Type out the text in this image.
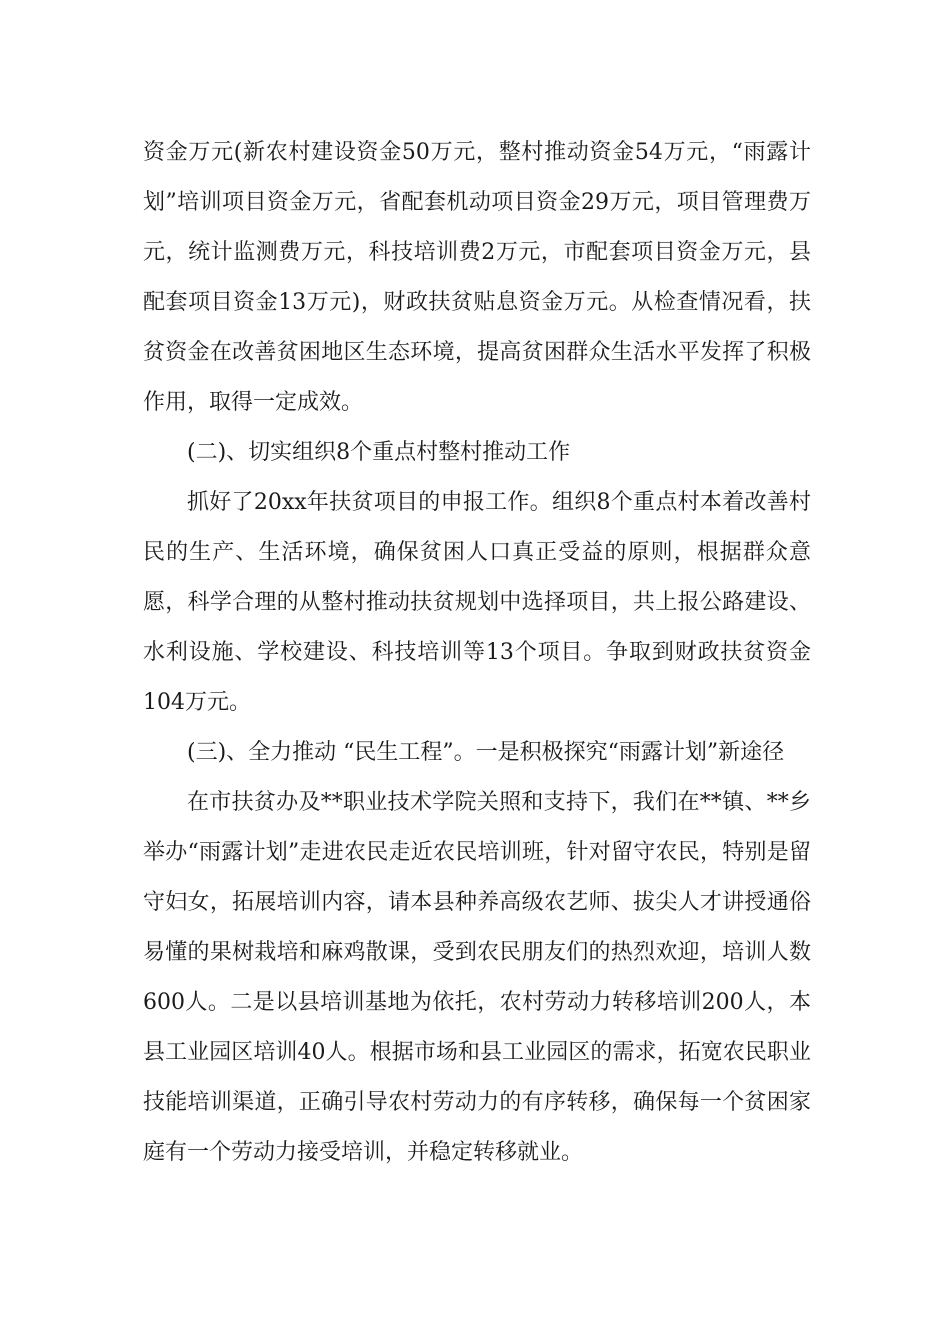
资金万元(新农村建设资金50万元，整村推动资金54万元，“雨露计划”培训项目资金万元，省配套机动项目资金29万元，项目管理费万元，统计监测费万元，科技培训费2万元，市配套项目资金万元，县配套项目资金13万元)，财政扶贫贴息资金万元。从检查情况看，扶贫资金在改善贫困地区生态环境，提高贫困群众生活水平发挥了积极作用，取得一定成效。

(二)、切实组织8个重点村整村推动工作

抓好了20xx年扶贫项目的申报工作。组织8个重点村本着改善村民的生产、生活环境，确保贫困人口真正受益的原则，根据群众意愿，科学合理的从整村推动扶贫规划中选择项目，共上报公路建设、水利设施、学校建设、科技培训等13个项目。争取到财政扶贫资金104万元。

(三)、全力推动 “民生工程”。一是积极探究“雨露计划”新途径

在市扶贫办及**职业技术学院关照和支持下，我们在**镇、**乡举办“雨露计划”走进农民走近农民培训班，针对留守农民，特别是留守妇女，拓展培训内容，请本县种养高级农艺师、拔尖人才讲授通俗易懂的果树栽培和麻鸡散课，受到农民朋友们的热烈欢迎，培训人数600人。二是以县培训基地为依托，农村劳动力转移培训200人，本县工业园区培训40人。根据市场和县工业园区的需求，拓宽农民职业技能培训渠道，正确引导农村劳动力的有序转移，确保每一个贫困家庭有一个劳动力接受培训，并稳定转移就业。
